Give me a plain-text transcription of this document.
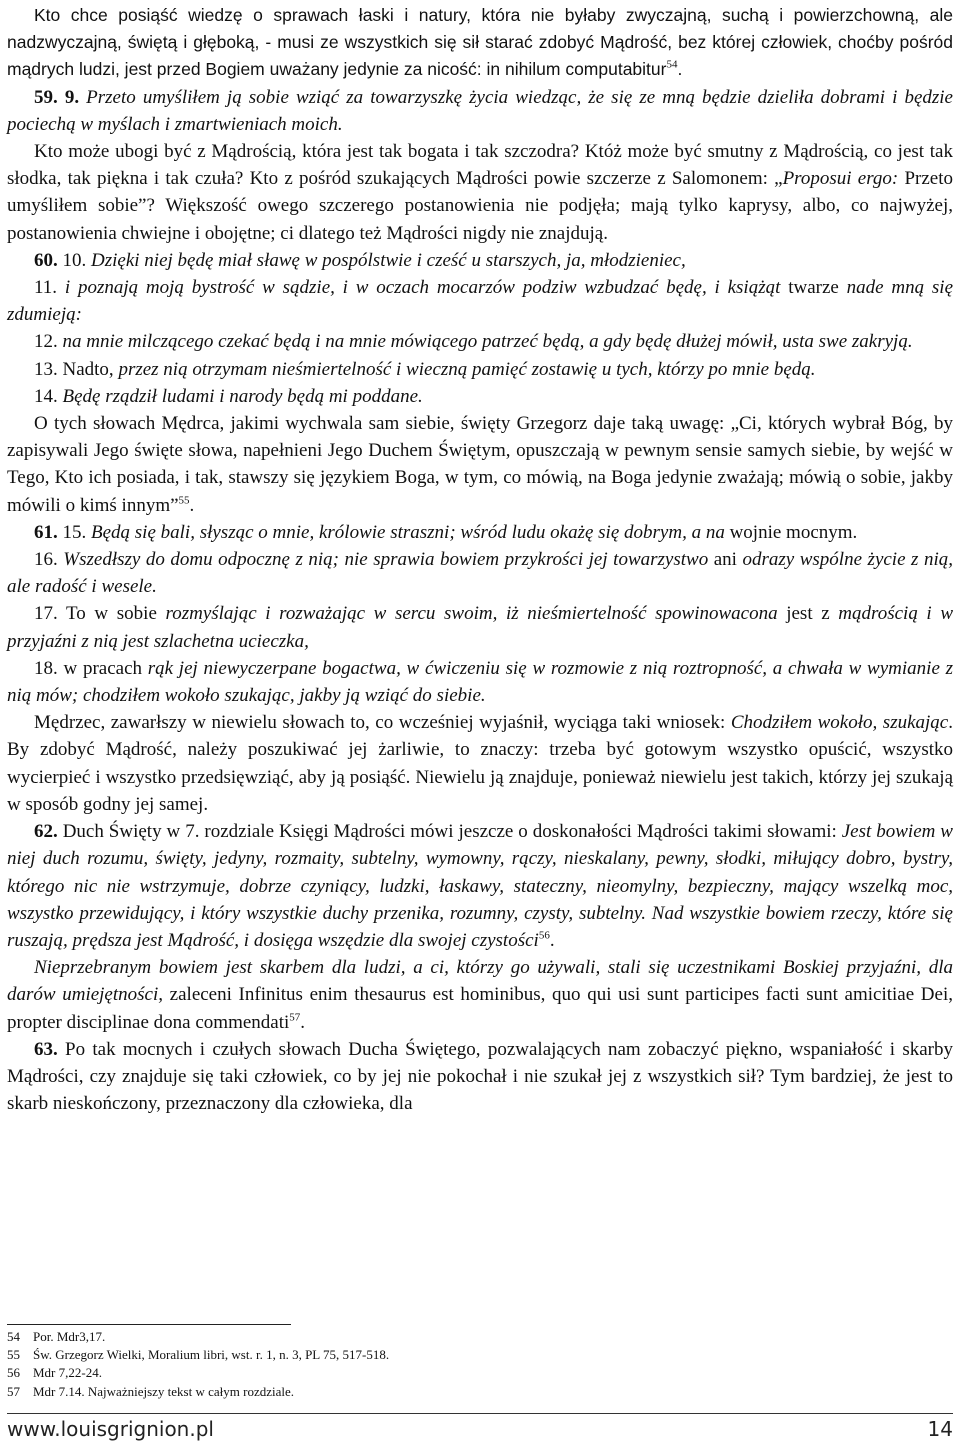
Kto chce posiąść wiedzę o sprawach łaski i natury, która nie byłaby zwyczajną, suchą i powierzchowną, ale nadzwyczajną, świętą i głęboką, - musi ze wszystkich się sił starać zdobyć Mądrość, bez której człowiek, choćby pośród mądrych ludzi, jest przed Bogiem uważany jedynie za nicość: in nihilum computabitur$^{54}$.

59. 9. Przeto umyśliłem ją sobie wziąć za towarzyszkę życia wiedząc, że się ze mną będzie dzieliła dobrami i będzie pociechą w myślach i zmartwieniach moich.

Kto może ubogi być z Mądrością, która jest tak bogata i tak szczodra? Któż może być smutny z Mądrością, co jest tak słodka, tak piękna i tak czuła? Kto z pośród szukających Mądrości powie szczerze z Salomonem: „Proposui ergo: Przeto umyśliłem sobie”? Większość owego szczerego postanowienia nie podjęła; mają tylko kaprysy, albo, co najwyżej, postanowienia chwiejne i obojętne; ci dlatego też Mądrości nigdy nie znajdują.

60. 10. Dzięki niej będę miał sławę w pospólstwie i cześć u starszych, ja, młodzieniec,

11. i poznają moją bystrość w sądzie, i w oczach mocarzów podziw wzbudzać będę, i książąt twarze nade mną się zdumieją:

12. na mnie milczącego czekać będą i na mnie mówiącego patrzeć będą, a gdy będę dłużej mówił, usta swe zakryją.

13. Nadto, przez nią otrzymam nieśmiertelność i wieczną pamięć zostawię u tych, którzy po mnie będą.

14. Będę rządził ludami i narody będą mi poddane.

O tych słowach Mędrca, jakimi wychwala sam siebie, święty Grzegorz daje taką uwagę: „Ci, których wybrał Bóg, by zapisywali Jego święte słowa, napełnieni Jego Duchem Świętym, opuszczają w pewnym sensie samych siebie, by wejść w Tego, Kto ich posiada, i tak, stawszy się językiem Boga, w tym, co mówią, na Boga jedynie zważają; mówią o sobie, jakby mówili o kimś innym”$^{55}$.

61. 15. Będą się bali, słysząc o mnie, królowie straszni; wśród ludu okażę się dobrym, a na wojnie mocnym.

16. Wszedłszy do domu odpocznę z nią; nie sprawia bowiem przykrości jej towarzystwo ani odrazy wspólne życie z nią, ale radość i wesele.

17. To w sobie rozmyślając i rozważając w sercu swoim, iż nieśmiertelność spowinowacona jest z mądrością i w przyjaźni z nią jest szlachetna ucieczka,

18. w pracach rąk jej niewyczerpane bogactwa, w ćwiczeniu się w rozmowie z nią roztropność, a chwała w wymianie z nią mów; chodziłem wokoło szukając, jakby ją wziąć do siebie.

Mędrzec, zawarłszy w niewielu słowach to, co wcześniej wyjaśnił, wyciąga taki wniosek: Chodziłem wokoło, szukając. By zdobyć Mądrość, należy poszukiwać jej żarliwie, to znaczy: trzeba być gotowym wszystko opuścić, wszystko wycierpieć i wszystko przedsięwziąć, aby ją posiąść. Niewielu ją znajduje, ponieważ niewielu jest takich, którzy jej szukają w sposób godny jej samej.

62. Duch Święty w 7. rozdziale Księgi Mądrości mówi jeszcze o doskonałości Mądrości takimi słowami: Jest bowiem w niej duch rozumu, święty, jedyny, rozmaity, subtelny, wymowny, rączy, nieskalany, pewny, słodki, miłujący dobro, bystry, którego nic nie wstrzymuje, dobrze czyniący, ludzki, łaskawy, stateczny, nieomylny, bezpieczny, mający wszelką moc, wszystko przewidujący, i który wszystkie duchy przenika, rozumny, czysty, subtelny. Nad wszystkie bowiem rzeczy, które się ruszają, prędsza jest Mądrość, i dosięga wszędzie dla swojej czystości$^{56}$.

Nieprzebranym bowiem jest skarbem dla ludzi, a ci, którzy go używali, stali się uczestnikami Boskiej przyjaźni, dla darów umiejętności, zaleceni Infinitus enim thesaurus est hominibus, quo qui usi sunt participes facti sunt amicitiae Dei, propter disciplinae dona commendati$^{57}$.

63. Po tak mocnych i czułych słowach Ducha Świętego, pozwalających nam zobaczyć piękno, wspaniałość i skarby Mądrości, czy znajduje się taki człowiek, co by jej nie pokochał i nie szukał jej z wszystkich sił? Tym bardziej, że jest to skarb nieskończony, przeznaczony dla człowieka, dla

54 Por. Mdr3,17.
55 Św. Grzegorz Wielki, Moralium libri, wst. r. 1, n. 3, PL 75, 517-518.
56 Mdr 7,22-24.
57 Mdr 7.14. Najważniejszy tekst w całym rozdziale.
www.louisgrignion.pl	14
